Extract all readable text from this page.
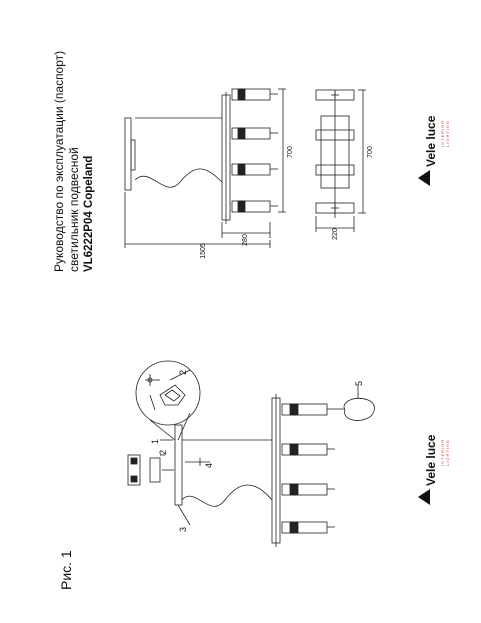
Руководство по эксплуатации (паспорт) светильник подвесной VL6222P04 Copeland
Рис. 1
1505
280
700
220
700
1
2
2
3
4
5
Vele luce INTERIOR LIGHTING
Vele luce INTERIOR LIGHTING
